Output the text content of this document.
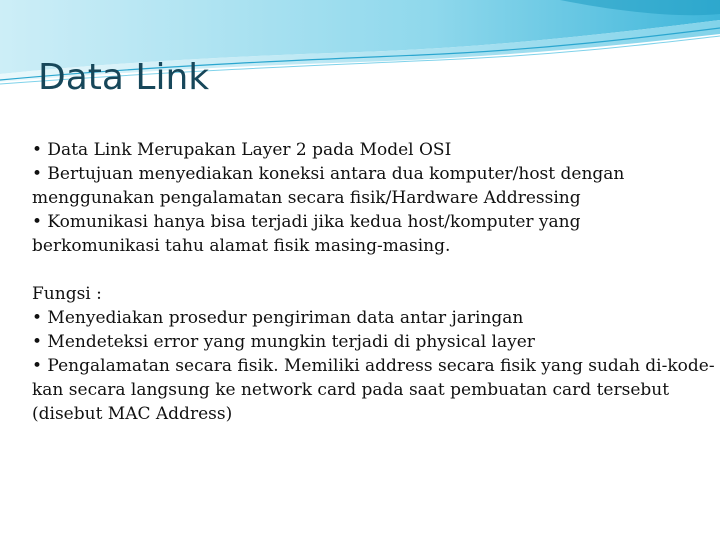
Data Link

• Data Link Merupakan Layer 2 pada Model OSI
• Bertujuan menyediakan koneksi antara dua komputer/host dengan
menggunakan pengalamatan secara fisik/Hardware Addressing
• Komunikasi hanya bisa terjadi jika kedua host/komputer yang
berkomunikasi tahu alamat fisik masing-masing.

Fungsi :
• Menyediakan prosedur pengiriman data antar jaringan
• Mendeteksi error yang mungkin terjadi di physical layer
• Pengalamatan secara fisik. Memiliki address secara fisik yang sudah di-kode-
kan secara langsung ke network card pada saat pembuatan card tersebut
(disebut MAC Address)
